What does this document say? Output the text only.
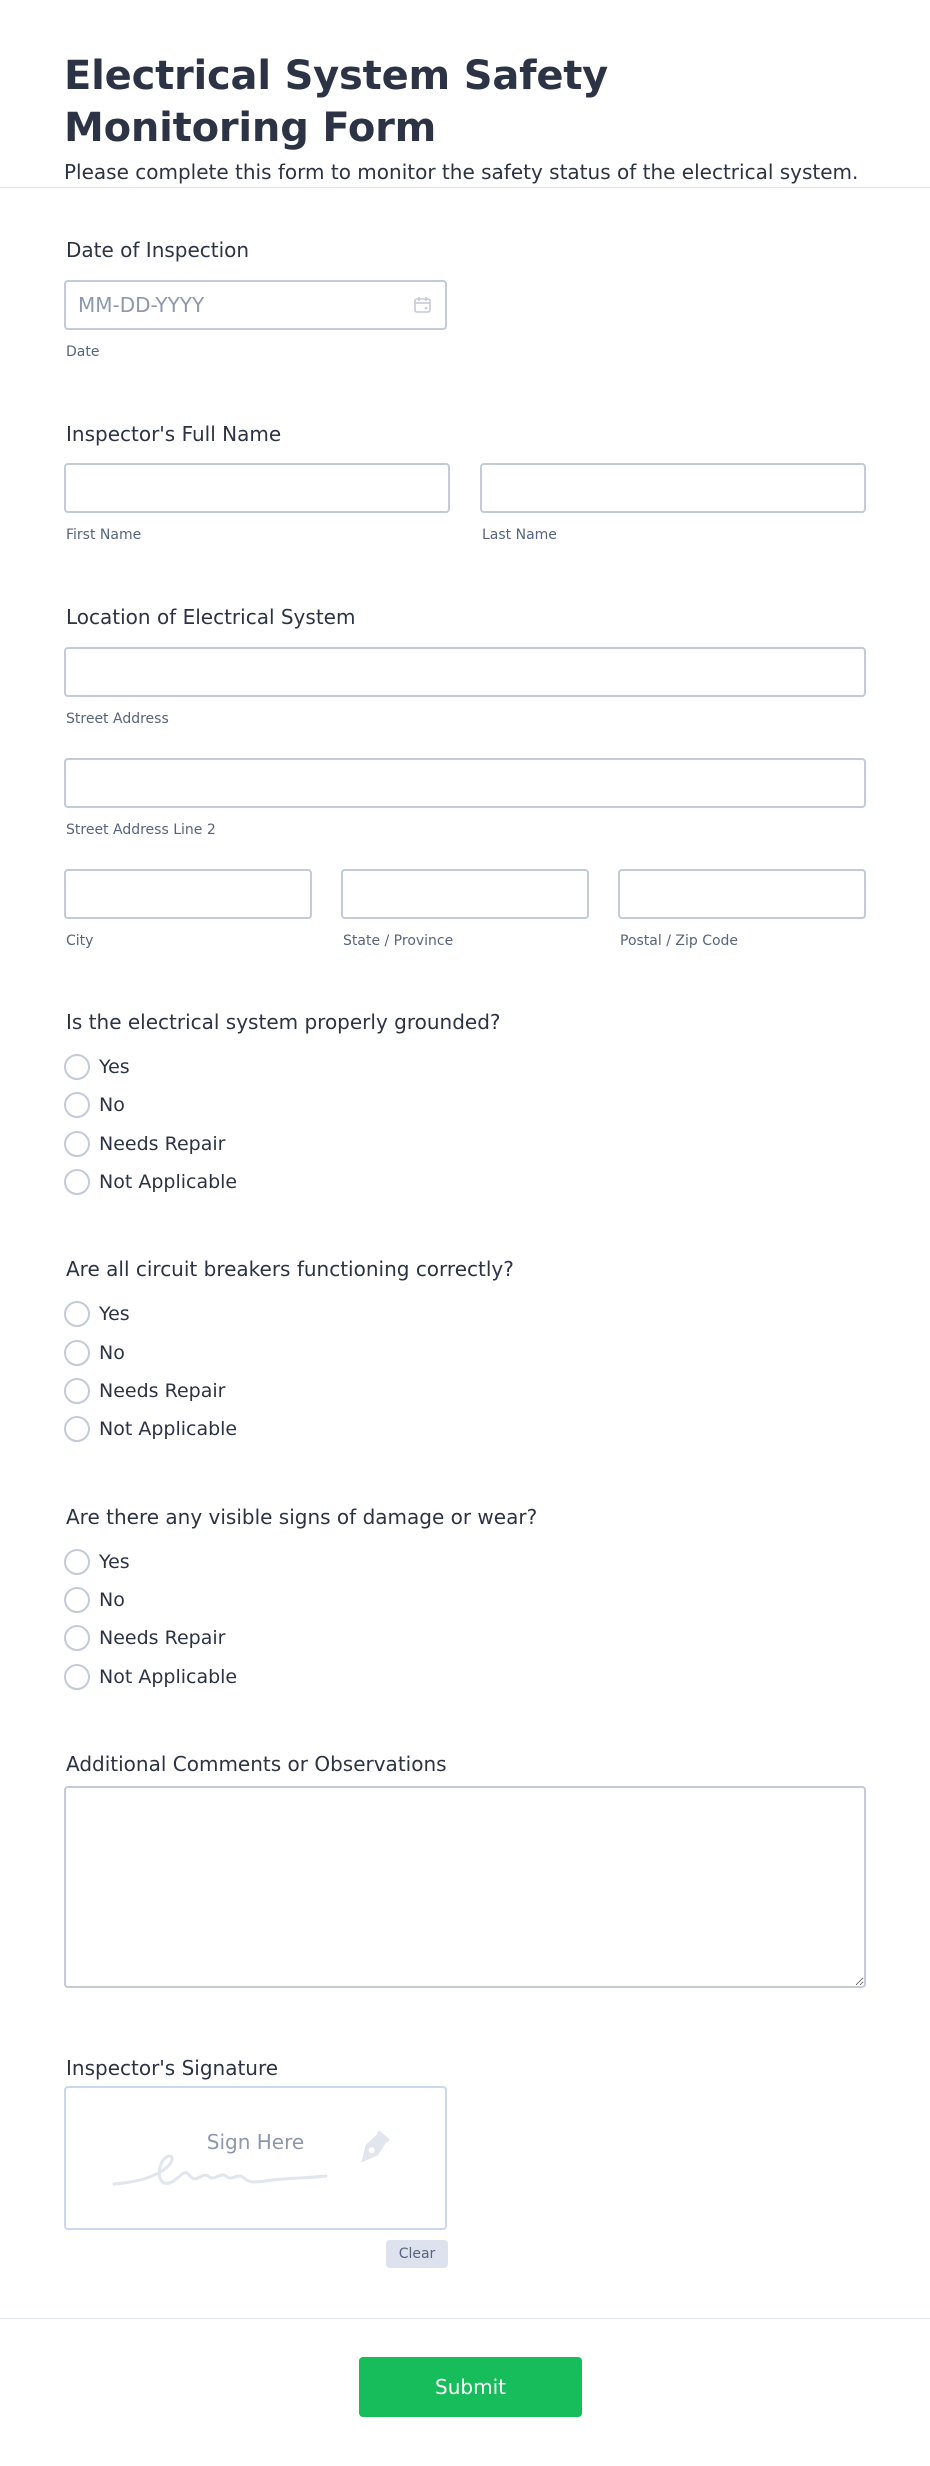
Electrical System Safety Monitoring Form

Please complete this form to monitor the safety status of the electrical system.

Date of Inspection
MM-DD-YYYY
Date
Inspector's Full Name
First Name	Last Name
Location of Electrical System
Street Address
Street Address Line 2
City	State / Province	Postal / Zip Code
Is the electrical system properly grounded?
Yes
No
Needs Repair
Not Applicable
Are all circuit breakers functioning correctly?
Yes
No
Needs Repair
Not Applicable
Are there any visible signs of damage or wear?
Yes
No
Needs Repair
Not Applicable
Additional Comments or Observations
Inspector's Signature
Sign Here
Clear
Submit
